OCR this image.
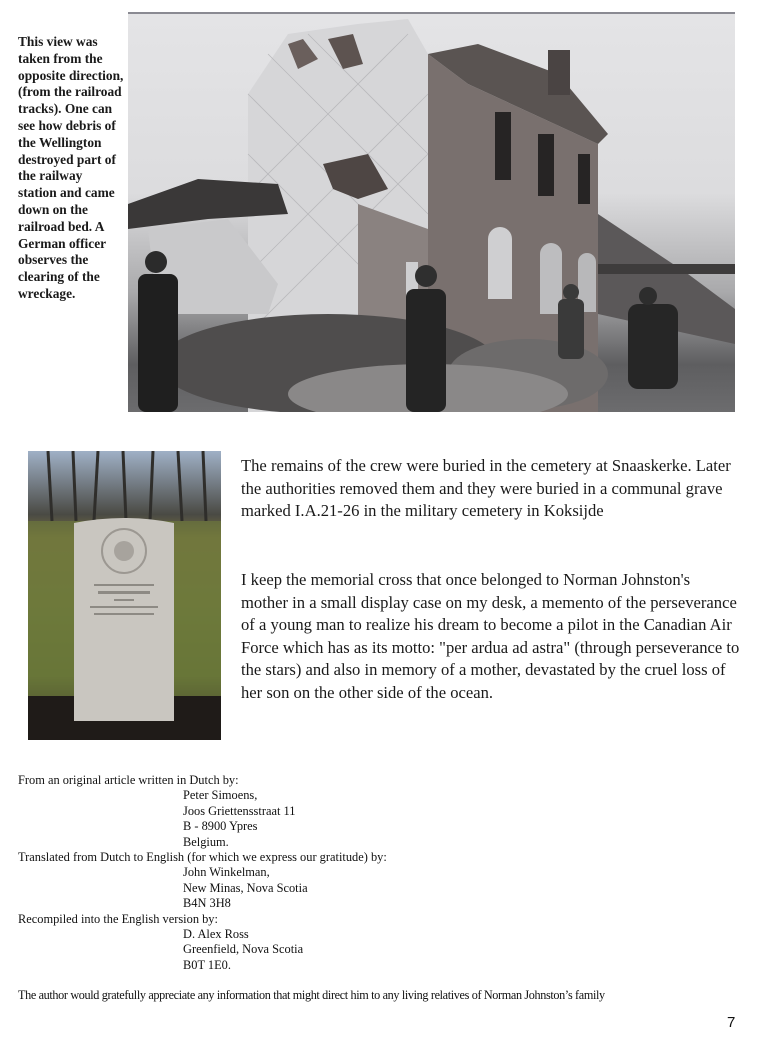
This view was taken from the opposite direction, (from the railroad tracks). One can see how debris of the Wellington destroyed part of the railway station and came down on the railroad bed. A German officer observes the clearing of the wreckage.
The remains of the crew were buried in the cemetery at Snaaskerke. Later the authorities removed them and they were buried in a communal grave marked I.A.21-26 in the military cemetery in Koksijde
I keep the memorial cross that once belonged to Norman Johnston's mother in a small display case on my desk, a memento of the perseverance of a young man to realize his dream to become a pilot in the Canadian Air Force which has as its motto: "per ardua ad astra" (through perseverance to the stars) and also in memory of a mother, devastated by the cruel loss of her son on the other side of the ocean.
From an original article written in Dutch by:
Peter Simoens,
Joos Griettensstraat 11
B - 8900 Ypres
Belgium.
Translated from Dutch to English (for which we express our gratitude) by:
John Winkelman,
New Minas, Nova Scotia
B4N 3H8
Recompiled into the English version by:
D. Alex Ross
Greenfield, Nova Scotia
B0T 1E0.
The author would gratefully appreciate any information that might direct him to any living relatives of Norman Johnston’s family
7
